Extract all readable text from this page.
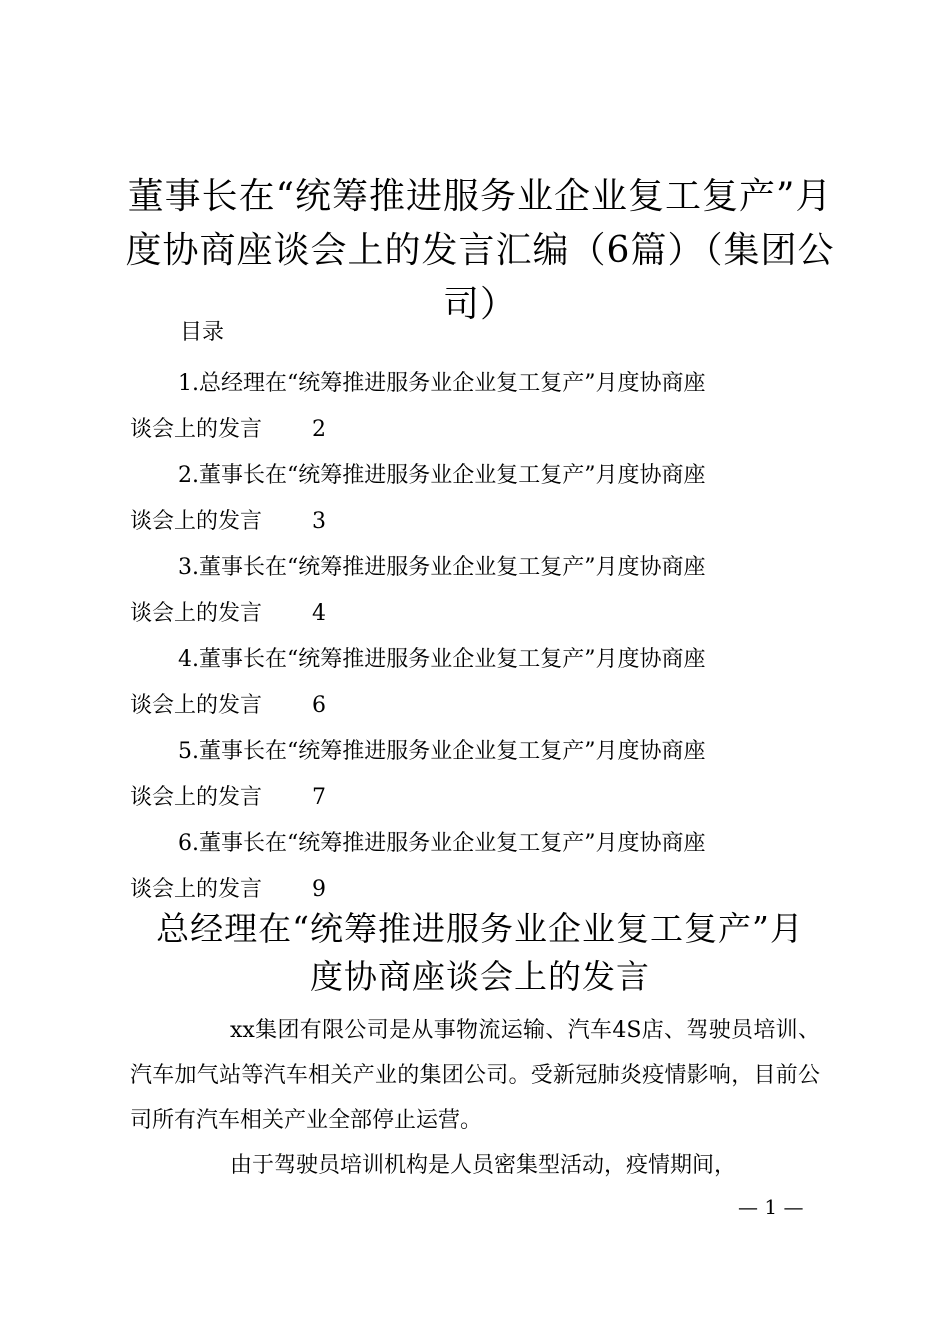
董事长在“统筹推进服务业企业复工复产”月
度协商座谈会上的发言汇编（6篇）（集团公
司）
目录
1.总经理在“统筹推进服务业企业复工复产”月度协商座
谈会上的发言 2
2.董事长在“统筹推进服务业企业复工复产”月度协商座
谈会上的发言 3
3.董事长在“统筹推进服务业企业复工复产”月度协商座
谈会上的发言 4
4.董事长在“统筹推进服务业企业复工复产”月度协商座
谈会上的发言 6
5.董事长在“统筹推进服务业企业复工复产”月度协商座
谈会上的发言 7
6.董事长在“统筹推进服务业企业复工复产”月度协商座
谈会上的发言 9
总经理在“统筹推进服务业企业复工复产”月
度协商座谈会上的发言
xx集团有限公司是从事物流运输、汽车4S店、驾驶员培训、汽车加气站等汽车相关产业的集团公司。受新冠肺炎疫情影响，目前公司所有汽车相关产业全部停止运营。
由于驾驶员培训机构是人员密集型活动，疫情期间，
— 1 —
